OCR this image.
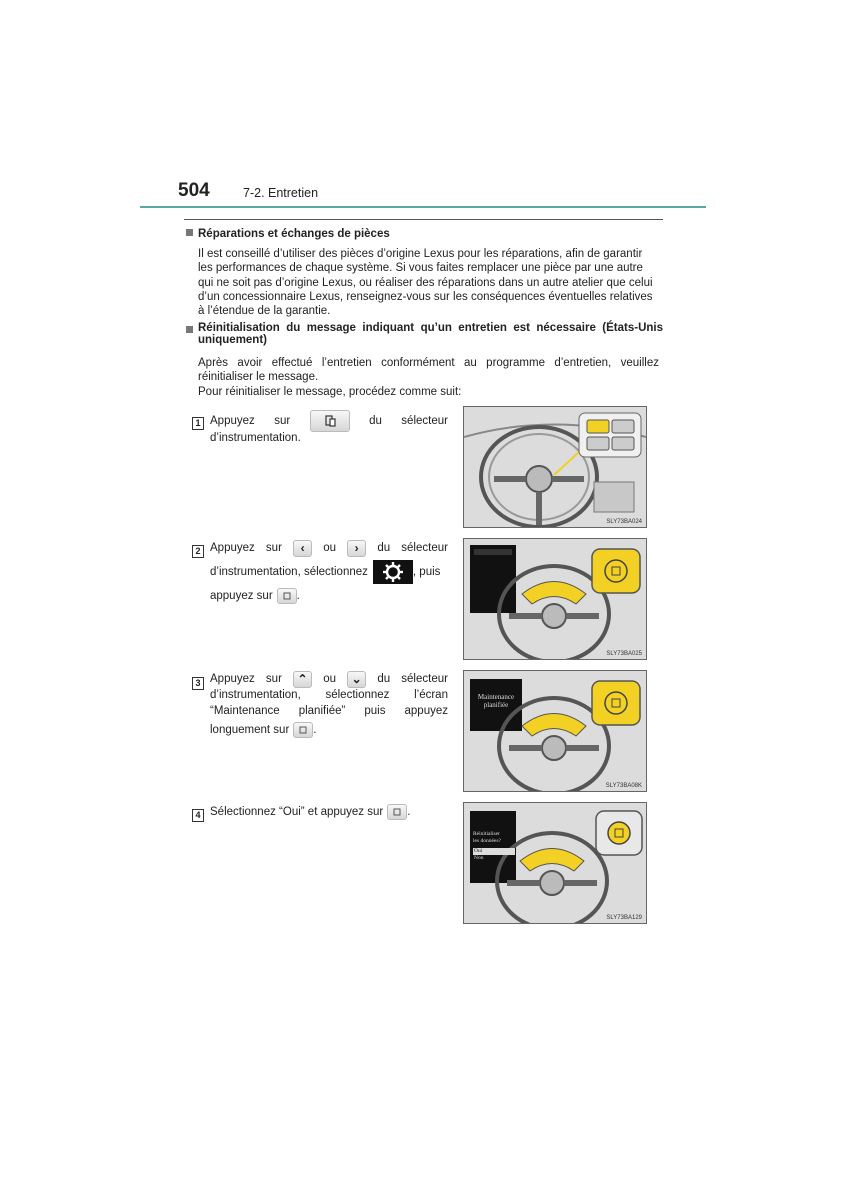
504	7-2. Entretien
Réparations et échanges de pièces
Il est conseillé d’utiliser des pièces d’origine Lexus pour les réparations, afin de garantir
les performances de chaque système. Si vous faites remplacer une pièce par une autre
qui ne soit pas d’origine Lexus, ou réaliser des réparations dans un autre atelier que celui
d’un concessionnaire Lexus, renseignez-vous sur les conséquences éventuelles relatives
à l’étendue de la garantie.
Réinitialisation du message indiquant qu’un entretien est nécessaire (États-Unis
uniquement)
Après avoir effectué l’entretien conformément au programme d’entretien, veuillez
réinitialiser le message.
Pour réinitialiser le message, procédez comme suit:
1 Appuyez sur	du sélecteur
d’instrumentation.
SLY73BA024
2 Appuyez sur	‹	ou	›	du sélecteur
d’instrumentation, sélectionnez	, puis
appuyez sur .
SLY73BA025
3 Appuyez sur	⌃	ou	⌄	du sélecteur
d’instrumentation, sélectionnez l’écran
“Maintenance planifiée” puis appuyez
longuement sur .
Maintenance
planifiée
SLY73BA08K
4 Sélectionnez “Oui” et appuyez sur .
Réinitialiser
les données?
Oui
Non
SLY73BA129
